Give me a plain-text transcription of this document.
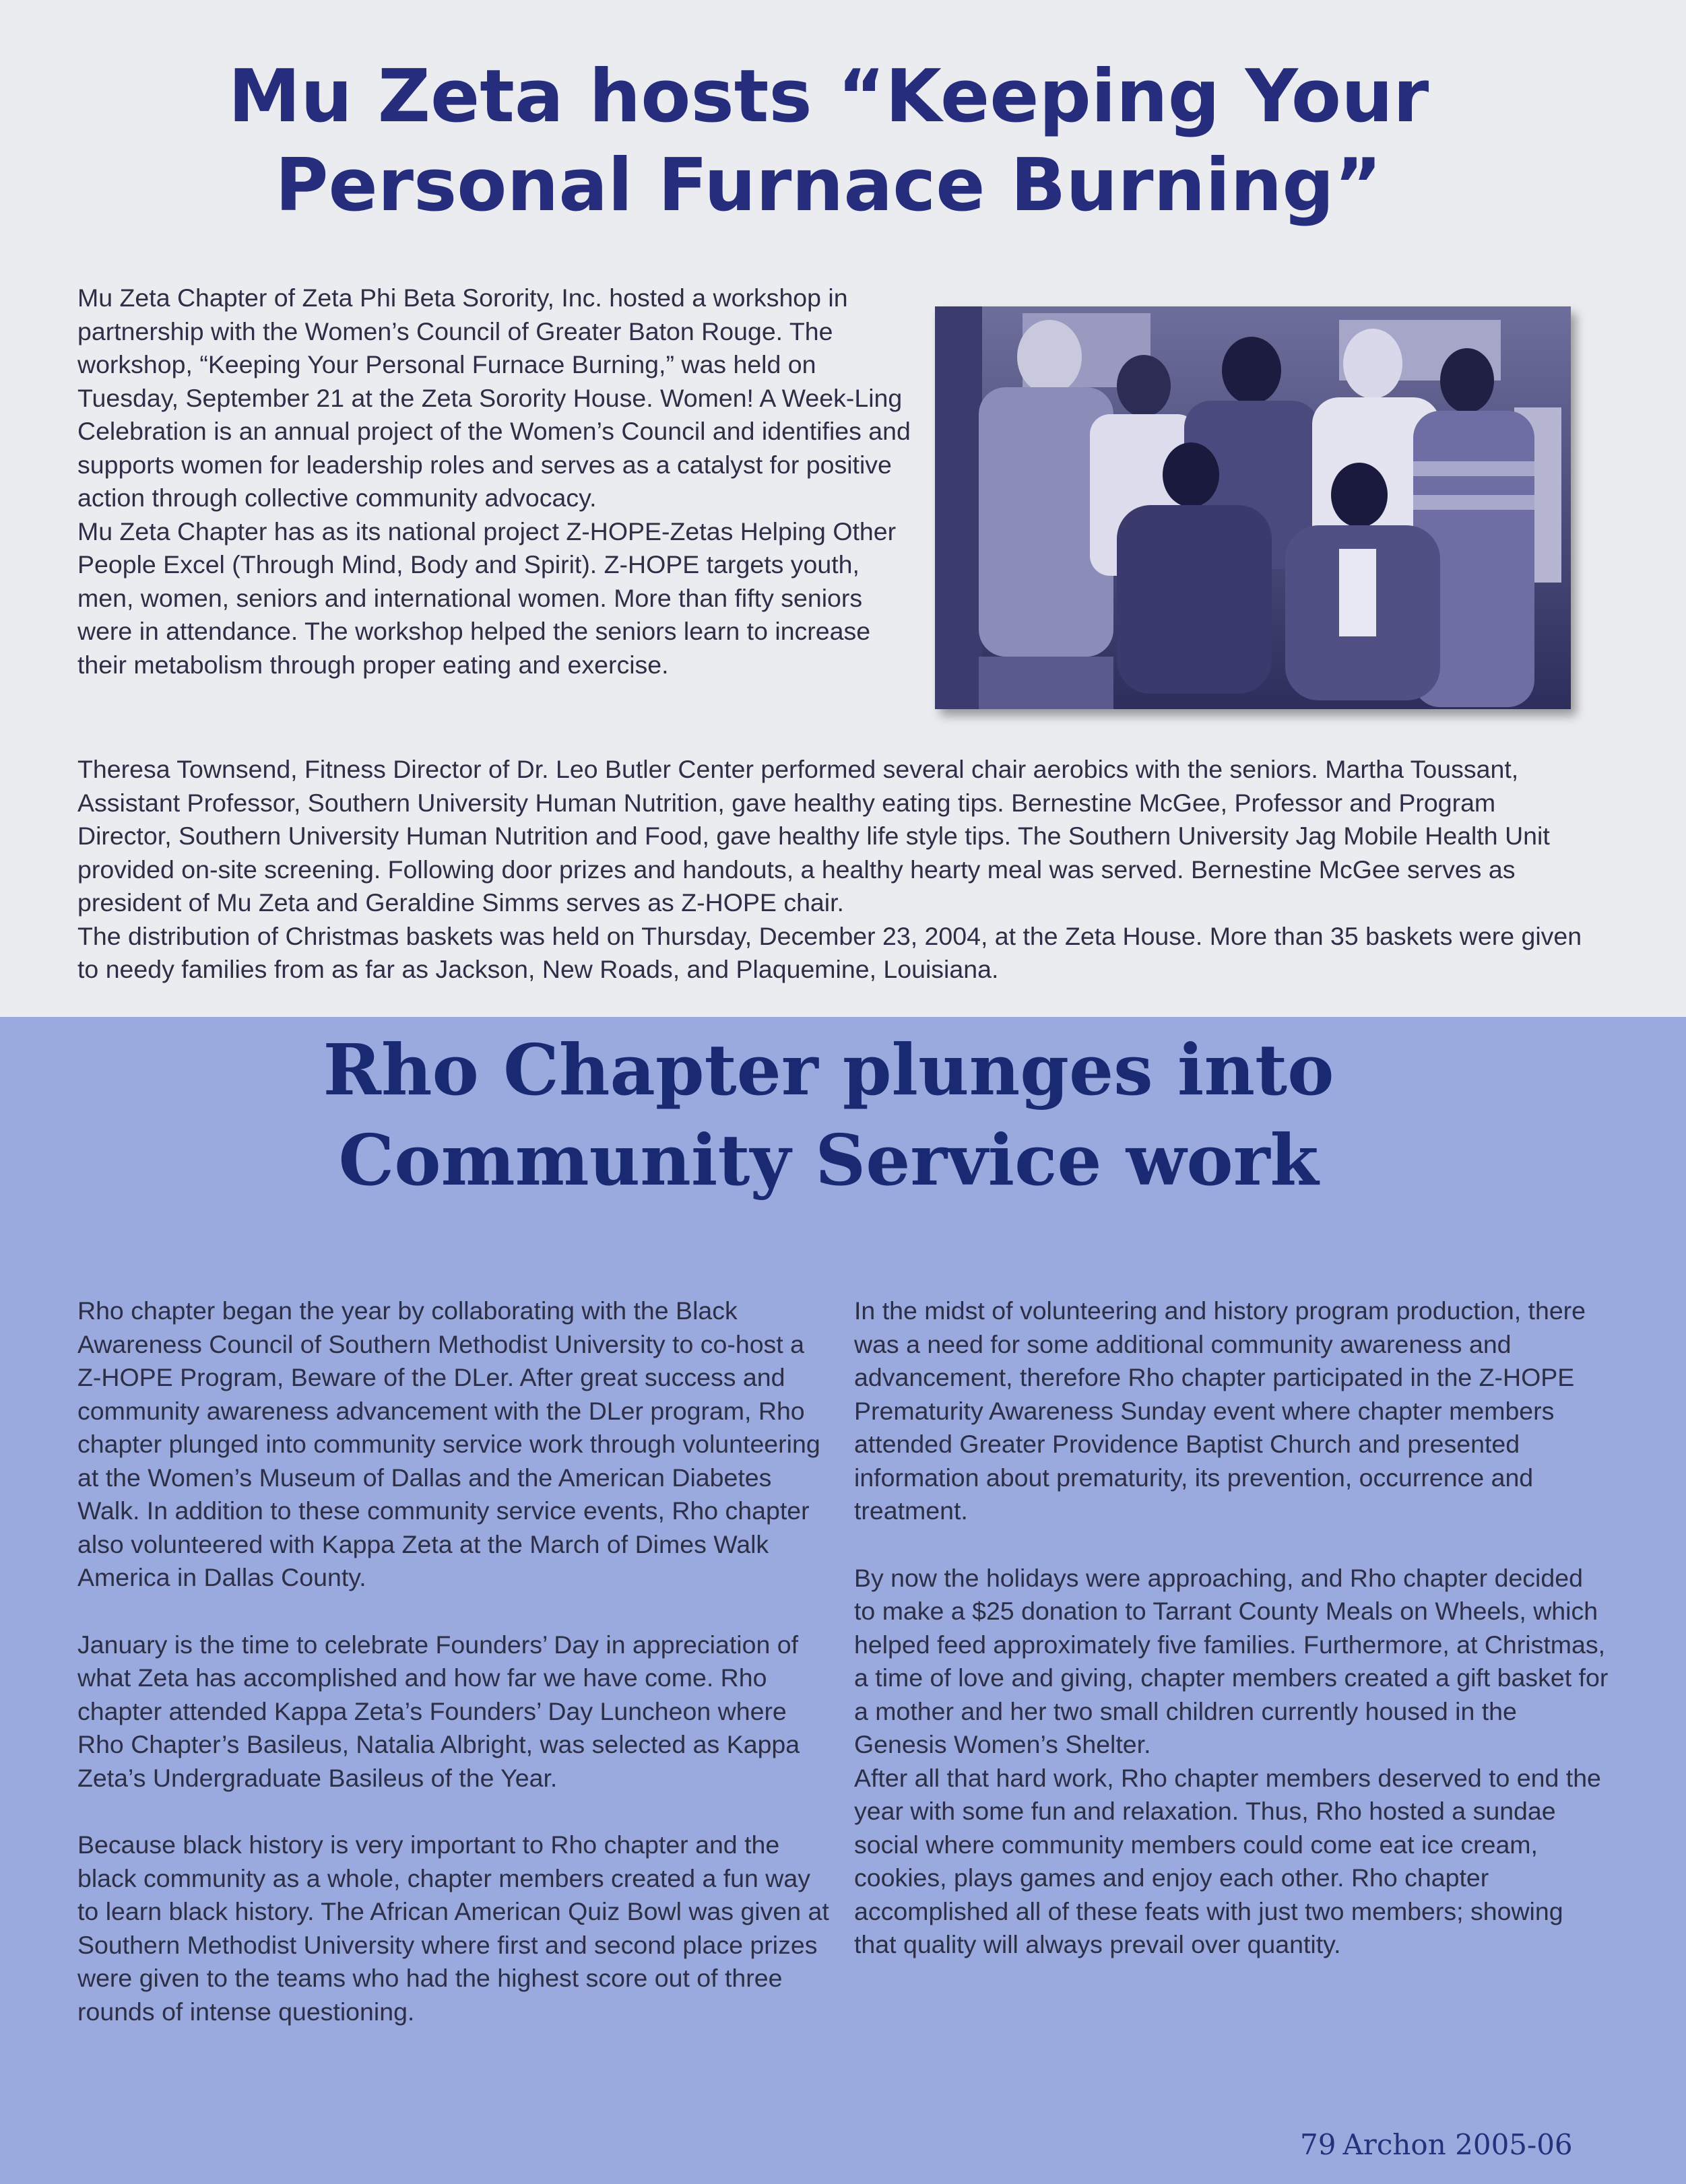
Mu Zeta hosts “Keeping Your Personal Furnace Burning”

Mu Zeta Chapter of Zeta Phi Beta Sorority, Inc. hosted a workshop in partnership with the Women’s Council of Greater Baton Rouge. The workshop, “Keeping Your Personal Furnace Burning,” was held on Tuesday, September 21 at the Zeta Sorority House. Women! A Week-Ling Celebration is an annual project of the Women’s Council and identifies and supports women for leadership roles and serves as a catalyst for positive action through collective community advocacy.

Mu Zeta Chapter has as its national project Z-HOPE-Zetas Helping Other People Excel (Through Mind, Body and Spirit). Z-HOPE targets youth, men, women, seniors and international women. More than fifty seniors were in attendance. The workshop helped the seniors learn to increase their metabolism through proper eating and exercise.

Theresa Townsend, Fitness Director of Dr. Leo Butler Center performed several chair aerobics with the seniors. Martha Toussant, Assistant Professor, Southern University Human Nutrition, gave healthy eating tips. Bernestine McGee, Professor and Program Director, Southern University Human Nutrition and Food, gave healthy life style tips. The Southern University Jag Mobile Health Unit provided on-site screening. Following door prizes and handouts, a healthy hearty meal was served. Bernestine McGee serves as president of Mu Zeta and Geraldine Simms serves as Z-HOPE chair.

The distribution of Christmas baskets was held on Thursday, December 23, 2004, at the Zeta House. More than 35 baskets were given to needy families from as far as Jackson, New Roads, and Plaquemine, Louisiana.

Rho Chapter plunges into Community Service work

Rho chapter began the year by collaborating with the Black Awareness Council of Southern Methodist University to co-host a Z-HOPE Program, Beware of the DLer. After great success and community awareness advancement with the DLer program, Rho chapter plunged into community service work through volunteering at the Women’s Museum of Dallas and the American Diabetes Walk. In addition to these community service events, Rho chapter also volunteered with Kappa Zeta at the March of Dimes Walk America in Dallas County.

January is the time to celebrate Founders’ Day in appreciation of what Zeta has accomplished and how far we have come. Rho chapter attended Kappa Zeta’s Founders’ Day Luncheon where Rho Chapter’s Basileus, Natalia Albright, was selected as Kappa Zeta’s Undergraduate Basileus of the Year.

Because black history is very important to Rho chapter and the black community as a whole, chapter members created a fun way to learn black history. The African American Quiz Bowl was given at Southern Methodist University where first and second place prizes were given to the teams who had the highest score out of three rounds of intense questioning.

In the midst of volunteering and history program production, there was a need for some additional community awareness and advancement, therefore Rho chapter participated in the Z-HOPE Prematurity Awareness Sunday event where chapter members attended Greater Providence Baptist Church and presented information about prematurity, its prevention, occurrence and treatment.

By now the holidays were approaching, and Rho chapter decided to make a $25 donation to Tarrant County Meals on Wheels, which helped feed approximately five families. Furthermore, at Christmas, a time of love and giving, chapter members created a gift basket for a mother and her two small children currently housed in the Genesis Women’s Shelter.

After all that hard work, Rho chapter members deserved to end the year with some fun and relaxation. Thus, Rho hosted a sundae social where community members could come eat ice cream, cookies, plays games and enjoy each other. Rho chapter accomplished all of these feats with just two members; showing that quality will always prevail over quantity.

79 Archon 2005-06
